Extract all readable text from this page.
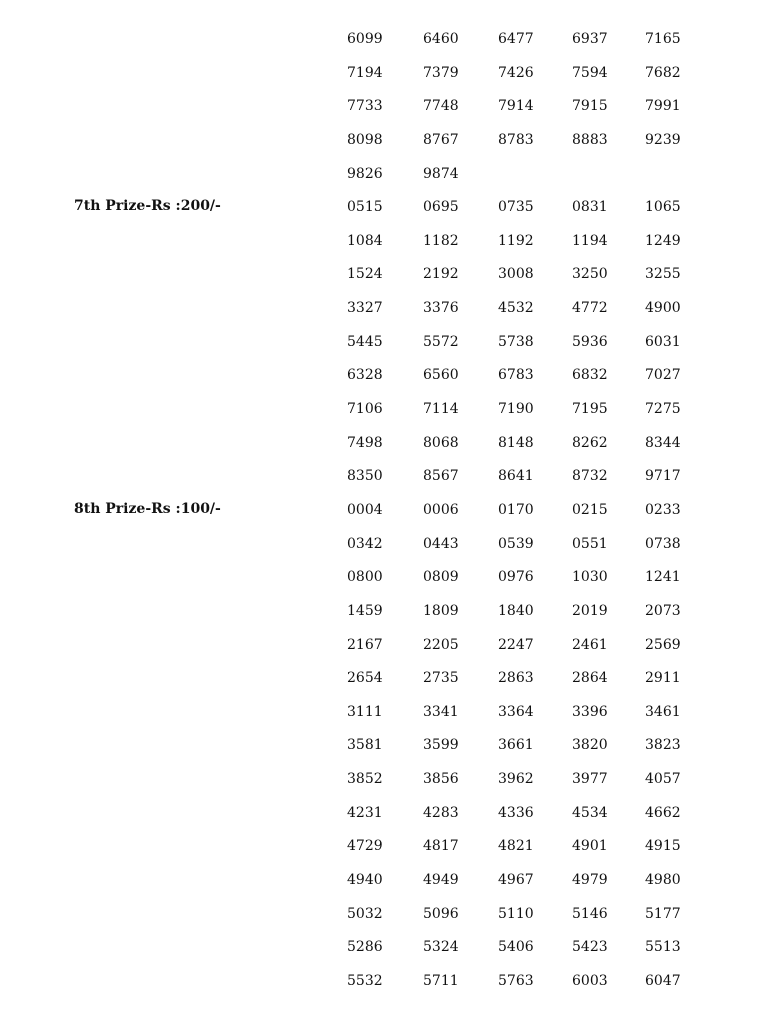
6099	6460	6477	6937	7165
7194	7379	7426	7594	7682
7733	7748	7914	7915	7991
8098	8767	8783	8883	9239
9826	9874
7th Prize-Rs :200/-	0515	0695	0735	0831	1065
1084	1182	1192	1194	1249
1524	2192	3008	3250	3255
3327	3376	4532	4772	4900
5445	5572	5738	5936	6031
6328	6560	6783	6832	7027
7106	7114	7190	7195	7275
7498	8068	8148	8262	8344
8350	8567	8641	8732	9717
8th Prize-Rs :100/-	0004	0006	0170	0215	0233
0342	0443	0539	0551	0738
0800	0809	0976	1030	1241
1459	1809	1840	2019	2073
2167	2205	2247	2461	2569
2654	2735	2863	2864	2911
3111	3341	3364	3396	3461
3581	3599	3661	3820	3823
3852	3856	3962	3977	4057
4231	4283	4336	4534	4662
4729	4817	4821	4901	4915
4940	4949	4967	4979	4980
5032	5096	5110	5146	5177
5286	5324	5406	5423	5513
5532	5711	5763	6003	6047
